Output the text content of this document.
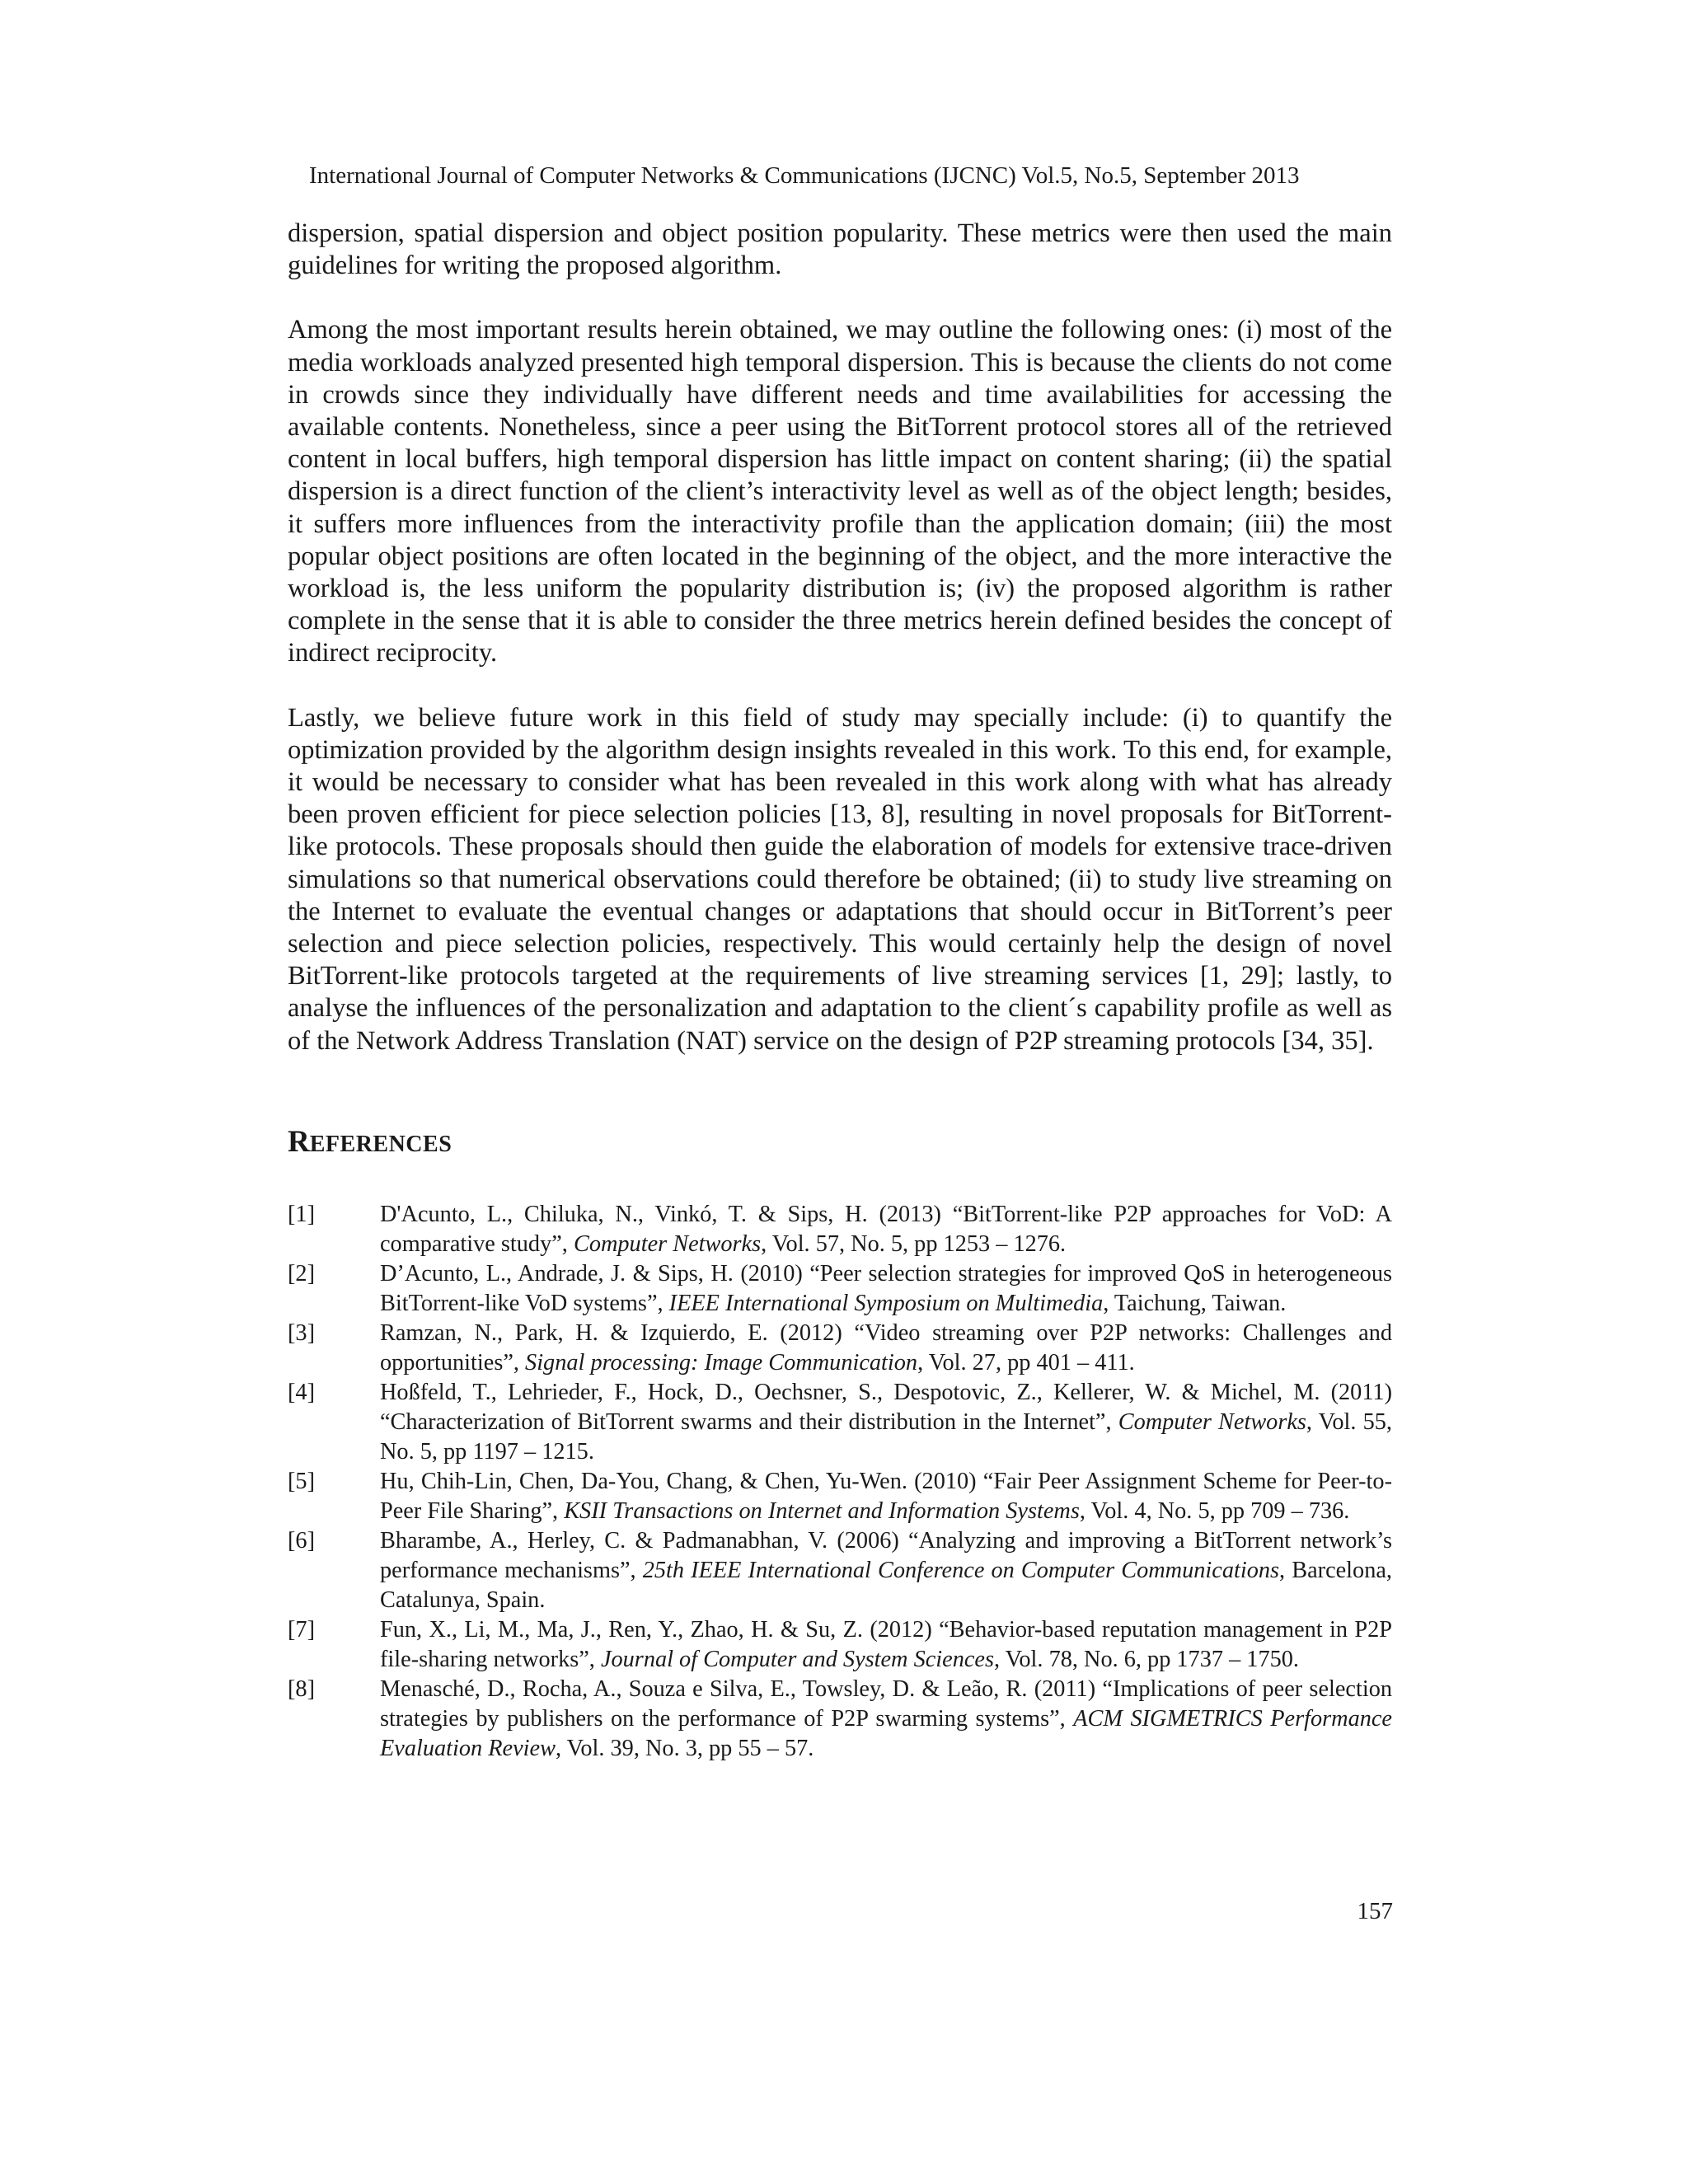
International Journal of Computer Networks & Communications (IJCNC) Vol.5, No.5, September 2013

dispersion, spatial dispersion and object position popularity. These metrics were then used the main guidelines for writing the proposed algorithm.

Among the most important results herein obtained, we may outline the following ones: (i) most of the media workloads analyzed presented high temporal dispersion. This is because the clients do not come in crowds since they individually have different needs and time availabilities for accessing the available contents. Nonetheless, since a peer using the BitTorrent protocol stores all of the retrieved content in local buffers, high temporal dispersion has little impact on content sharing; (ii) the spatial dispersion is a direct function of the client’s interactivity level as well as of the object length; besides, it suffers more influences from the interactivity profile than the application domain; (iii) the most popular object positions are often located in the beginning of the object, and the more interactive the workload is, the less uniform the popularity distribution is; (iv) the proposed algorithm is rather complete in the sense that it is able to consider the three metrics herein defined besides the concept of indirect reciprocity.

Lastly, we believe future work in this field of study may specially include: (i) to quantify the optimization provided by the algorithm design insights revealed in this work. To this end, for example, it would be necessary to consider what has been revealed in this work along with what has already been proven efficient for piece selection policies [13, 8], resulting in novel proposals for BitTorrent-like protocols. These proposals should then guide the elaboration of models for extensive trace-driven simulations so that numerical observations could therefore be obtained; (ii) to study live streaming on the Internet to evaluate the eventual changes or adaptations that should occur in BitTorrent’s peer selection and piece selection policies, respectively. This would certainly help the design of novel BitTorrent-like protocols targeted at the requirements of live streaming services [1, 29]; lastly, to analyse the influences of the personalization and adaptation to the client´s capability profile as well as of the Network Address Translation (NAT) service on the design of P2P streaming protocols [34, 35].

REFERENCES
[1]	D'Acunto, L., Chiluka, N., Vinkó, T. & Sips, H. (2013) “BitTorrent-like P2P approaches for VoD: A comparative study”, Computer Networks, Vol. 57, No. 5, pp 1253 – 1276.
[2]	D’Acunto, L., Andrade, J. & Sips, H. (2010) “Peer selection strategies for improved QoS in heterogeneous BitTorrent-like VoD systems”, IEEE International Symposium on Multimedia, Taichung, Taiwan.
[3]	Ramzan, N., Park, H. & Izquierdo, E. (2012) “Video streaming over P2P networks: Challenges and opportunities”, Signal processing: Image Communication, Vol. 27, pp 401 – 411.
[4]	Hoßfeld, T., Lehrieder, F., Hock, D., Oechsner, S., Despotovic, Z., Kellerer, W. & Michel, M. (2011) “Characterization of BitTorrent swarms and their distribution in the Internet”, Computer Networks, Vol. 55, No. 5, pp 1197 – 1215.
[5]	Hu, Chih-Lin, Chen, Da-You, Chang, & Chen, Yu-Wen. (2010) “Fair Peer Assignment Scheme for Peer-to-Peer File Sharing”, KSII Transactions on Internet and Information Systems, Vol. 4, No. 5, pp 709 – 736.
[6]	Bharambe, A., Herley, C. & Padmanabhan, V. (2006) “Analyzing and improving a BitTorrent network’s performance mechanisms”, 25th IEEE International Conference on Computer Communications, Barcelona, Catalunya, Spain.
[7]	Fun, X., Li, M., Ma, J., Ren, Y., Zhao, H. & Su, Z. (2012) “Behavior-based reputation management in P2P file-sharing networks”, Journal of Computer and System Sciences, Vol. 78, No. 6, pp 1737 – 1750.
[8]	Menasché, D., Rocha, A., Souza e Silva, E., Towsley, D. & Leão, R. (2011) “Implications of peer selection strategies by publishers on the performance of P2P swarming systems”, ACM SIGMETRICS Performance Evaluation Review, Vol. 39, No. 3, pp 55 – 57.
157
